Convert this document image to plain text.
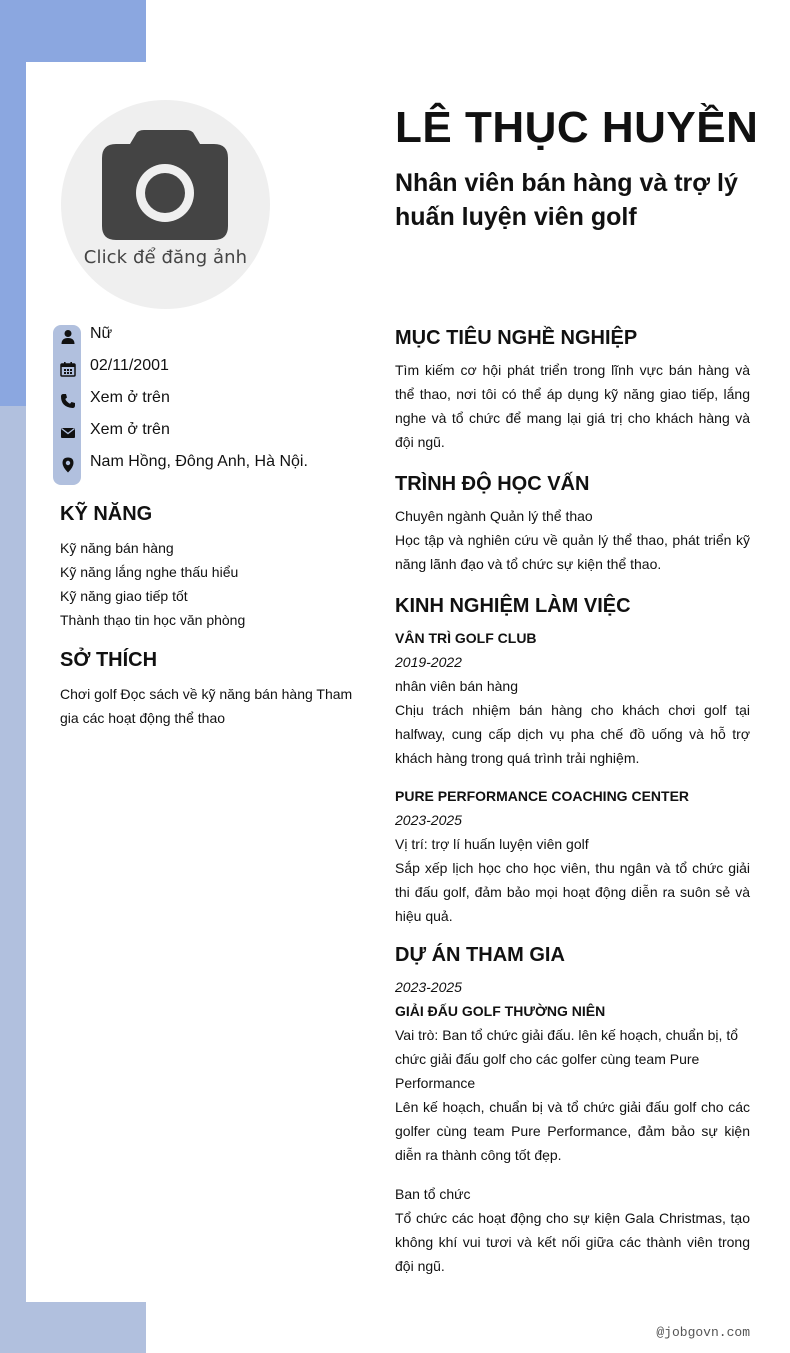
Click để đăng ảnh
Nữ
02/11/2001
Xem ở trên
Xem ở trên
Nam Hồng, Đông Anh, Hà Nội.
KỸ NĂNG
Kỹ năng bán hàng
Kỹ năng lắng nghe thấu hiểu
Kỹ năng giao tiếp tốt
Thành thạo tin học văn phòng
SỞ THÍCH
Chơi golf Đọc sách về kỹ năng bán hàng Tham gia các hoạt động thể thao
LÊ THỤC HUYỀN
Nhân viên bán hàng và trợ lý huấn luyện viên golf
MỤC TIÊU NGHỀ NGHIỆP
Tìm kiếm cơ hội phát triển trong lĩnh vực bán hàng và thể thao, nơi tôi có thể áp dụng kỹ năng giao tiếp, lắng nghe và tổ chức để mang lại giá trị cho khách hàng và đội ngũ.
TRÌNH ĐỘ HỌC VẤN
Chuyên ngành Quản lý thể thao
Học tập và nghiên cứu về quản lý thể thao, phát triển kỹ năng lãnh đạo và tổ chức sự kiện thể thao.
KINH NGHIỆM LÀM VIỆC
VÂN TRÌ GOLF CLUB
2019-2022
nhân viên bán hàng
Chịu trách nhiệm bán hàng cho khách chơi golf tại halfway, cung cấp dịch vụ pha chế đồ uống và hỗ trợ khách hàng trong quá trình trải nghiệm.
PURE PERFORMANCE COACHING CENTER
2023-2025
Vị trí: trợ lí huấn luyện viên golf
Sắp xếp lịch học cho học viên, thu ngân và tổ chức giải thi đấu golf, đảm bảo mọi hoạt động diễn ra suôn sẻ và hiệu quả.
DỰ ÁN THAM GIA
2023-2025
GIẢI ĐẤU GOLF THƯỜNG NIÊN
Vai trò: Ban tổ chức giải đấu. lên kế hoạch, chuẩn bị, tổ chức giải đấu golf cho các golfer cùng team Pure Performance
Lên kế hoạch, chuẩn bị và tổ chức giải đấu golf cho các golfer cùng team Pure Performance, đảm bảo sự kiện diễn ra thành công tốt đẹp.
Ban tổ chức
Tổ chức các hoạt động cho sự kiện Gala Christmas, tạo không khí vui tươi và kết nối giữa các thành viên trong đội ngũ.
@jobgovn.com
